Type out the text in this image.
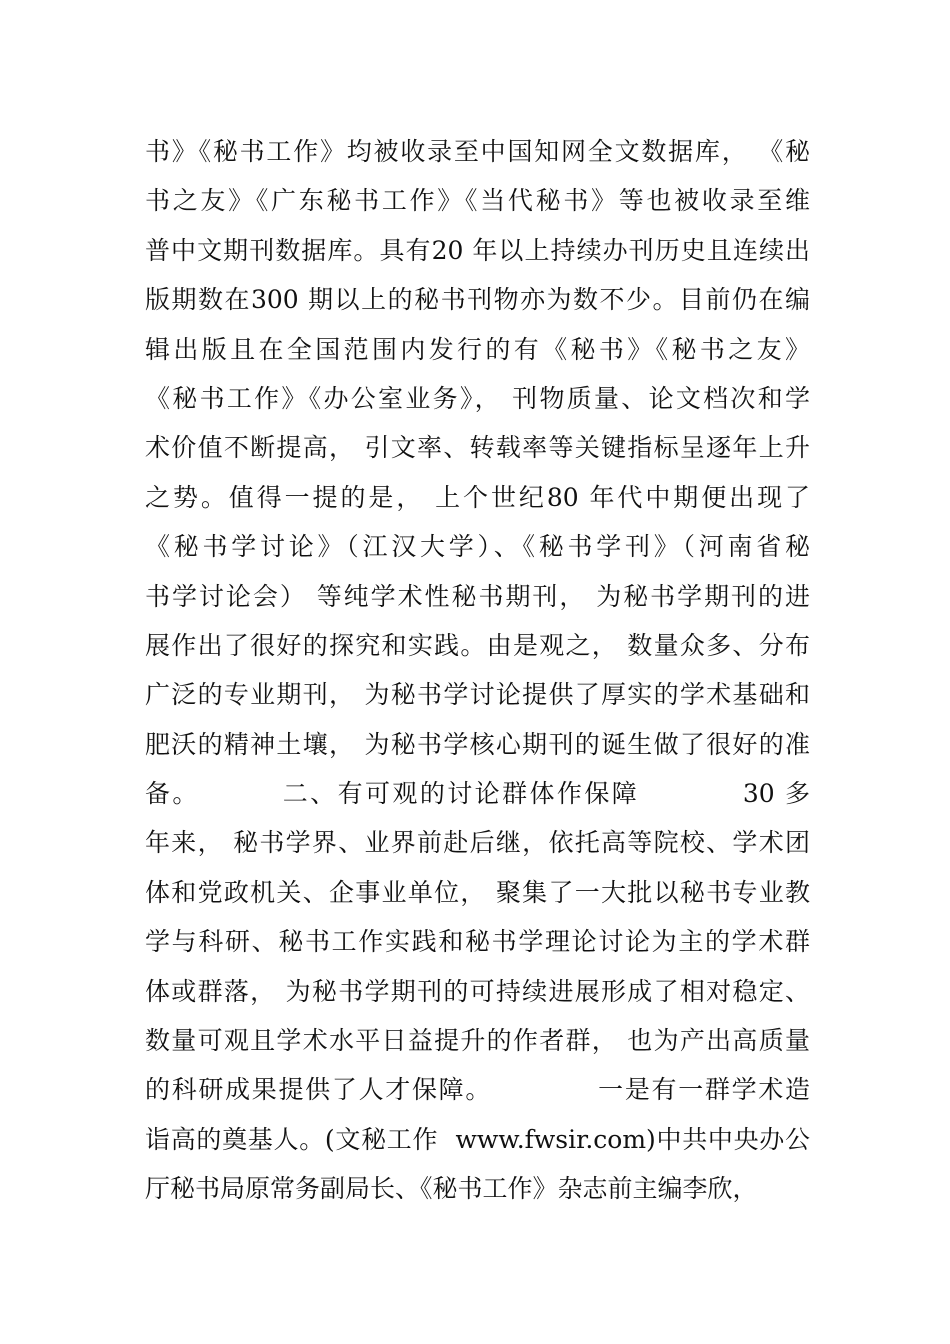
书》《秘书工作》均被收录至中国知网全文数据库， 《秘
书之友》《广东秘书工作》《当代秘书》等也被收录至维
普中文期刊数据库。具有20 年以上持续办刊历史且连续出
版期数在300 期以上的秘书刊物亦为数不少。目前仍在编
辑出版且在全国范围内发行的有《秘书》《秘书之友》
《秘书工作》《办公室业务》， 刊物质量、论文档次和学
术价值不断提高， 引文率、转载率等关键指标呈逐年上升
之势。值得一提的是， 上个世纪80 年代中期便出现了
《秘书学讨论》（江汉大学）、《秘书学刊》（河南省秘
书学讨论会） 等纯学术性秘书期刊， 为秘书学期刊的进
展作出了很好的探究和实践。由是观之， 数量众多、分布
广泛的专业期刊， 为秘书学讨论提供了厚实的学术基础和
肥沃的精神土壤， 为秘书学核心期刊的诞生做了很好的准
备。        二、有可观的讨论群体作保障          30 多
年来， 秘书学界、业界前赴后继，依托高等院校、学术团
体和党政机关、企事业单位， 聚集了一大批以秘书专业教
学与科研、秘书工作实践和秘书学理论讨论为主的学术群
体或群落， 为秘书学期刊的可持续进展形成了相对稳定、
数量可观且学术水平日益提升的作者群， 也为产出高质量
的科研成果提供了人才保障。           一是有一群学术造
诣高的奠基人。(文秘工作  www.fwsir.com)中共中央办公
厅秘书局原常务副局长、《秘书工作》杂志前主编李欣，
